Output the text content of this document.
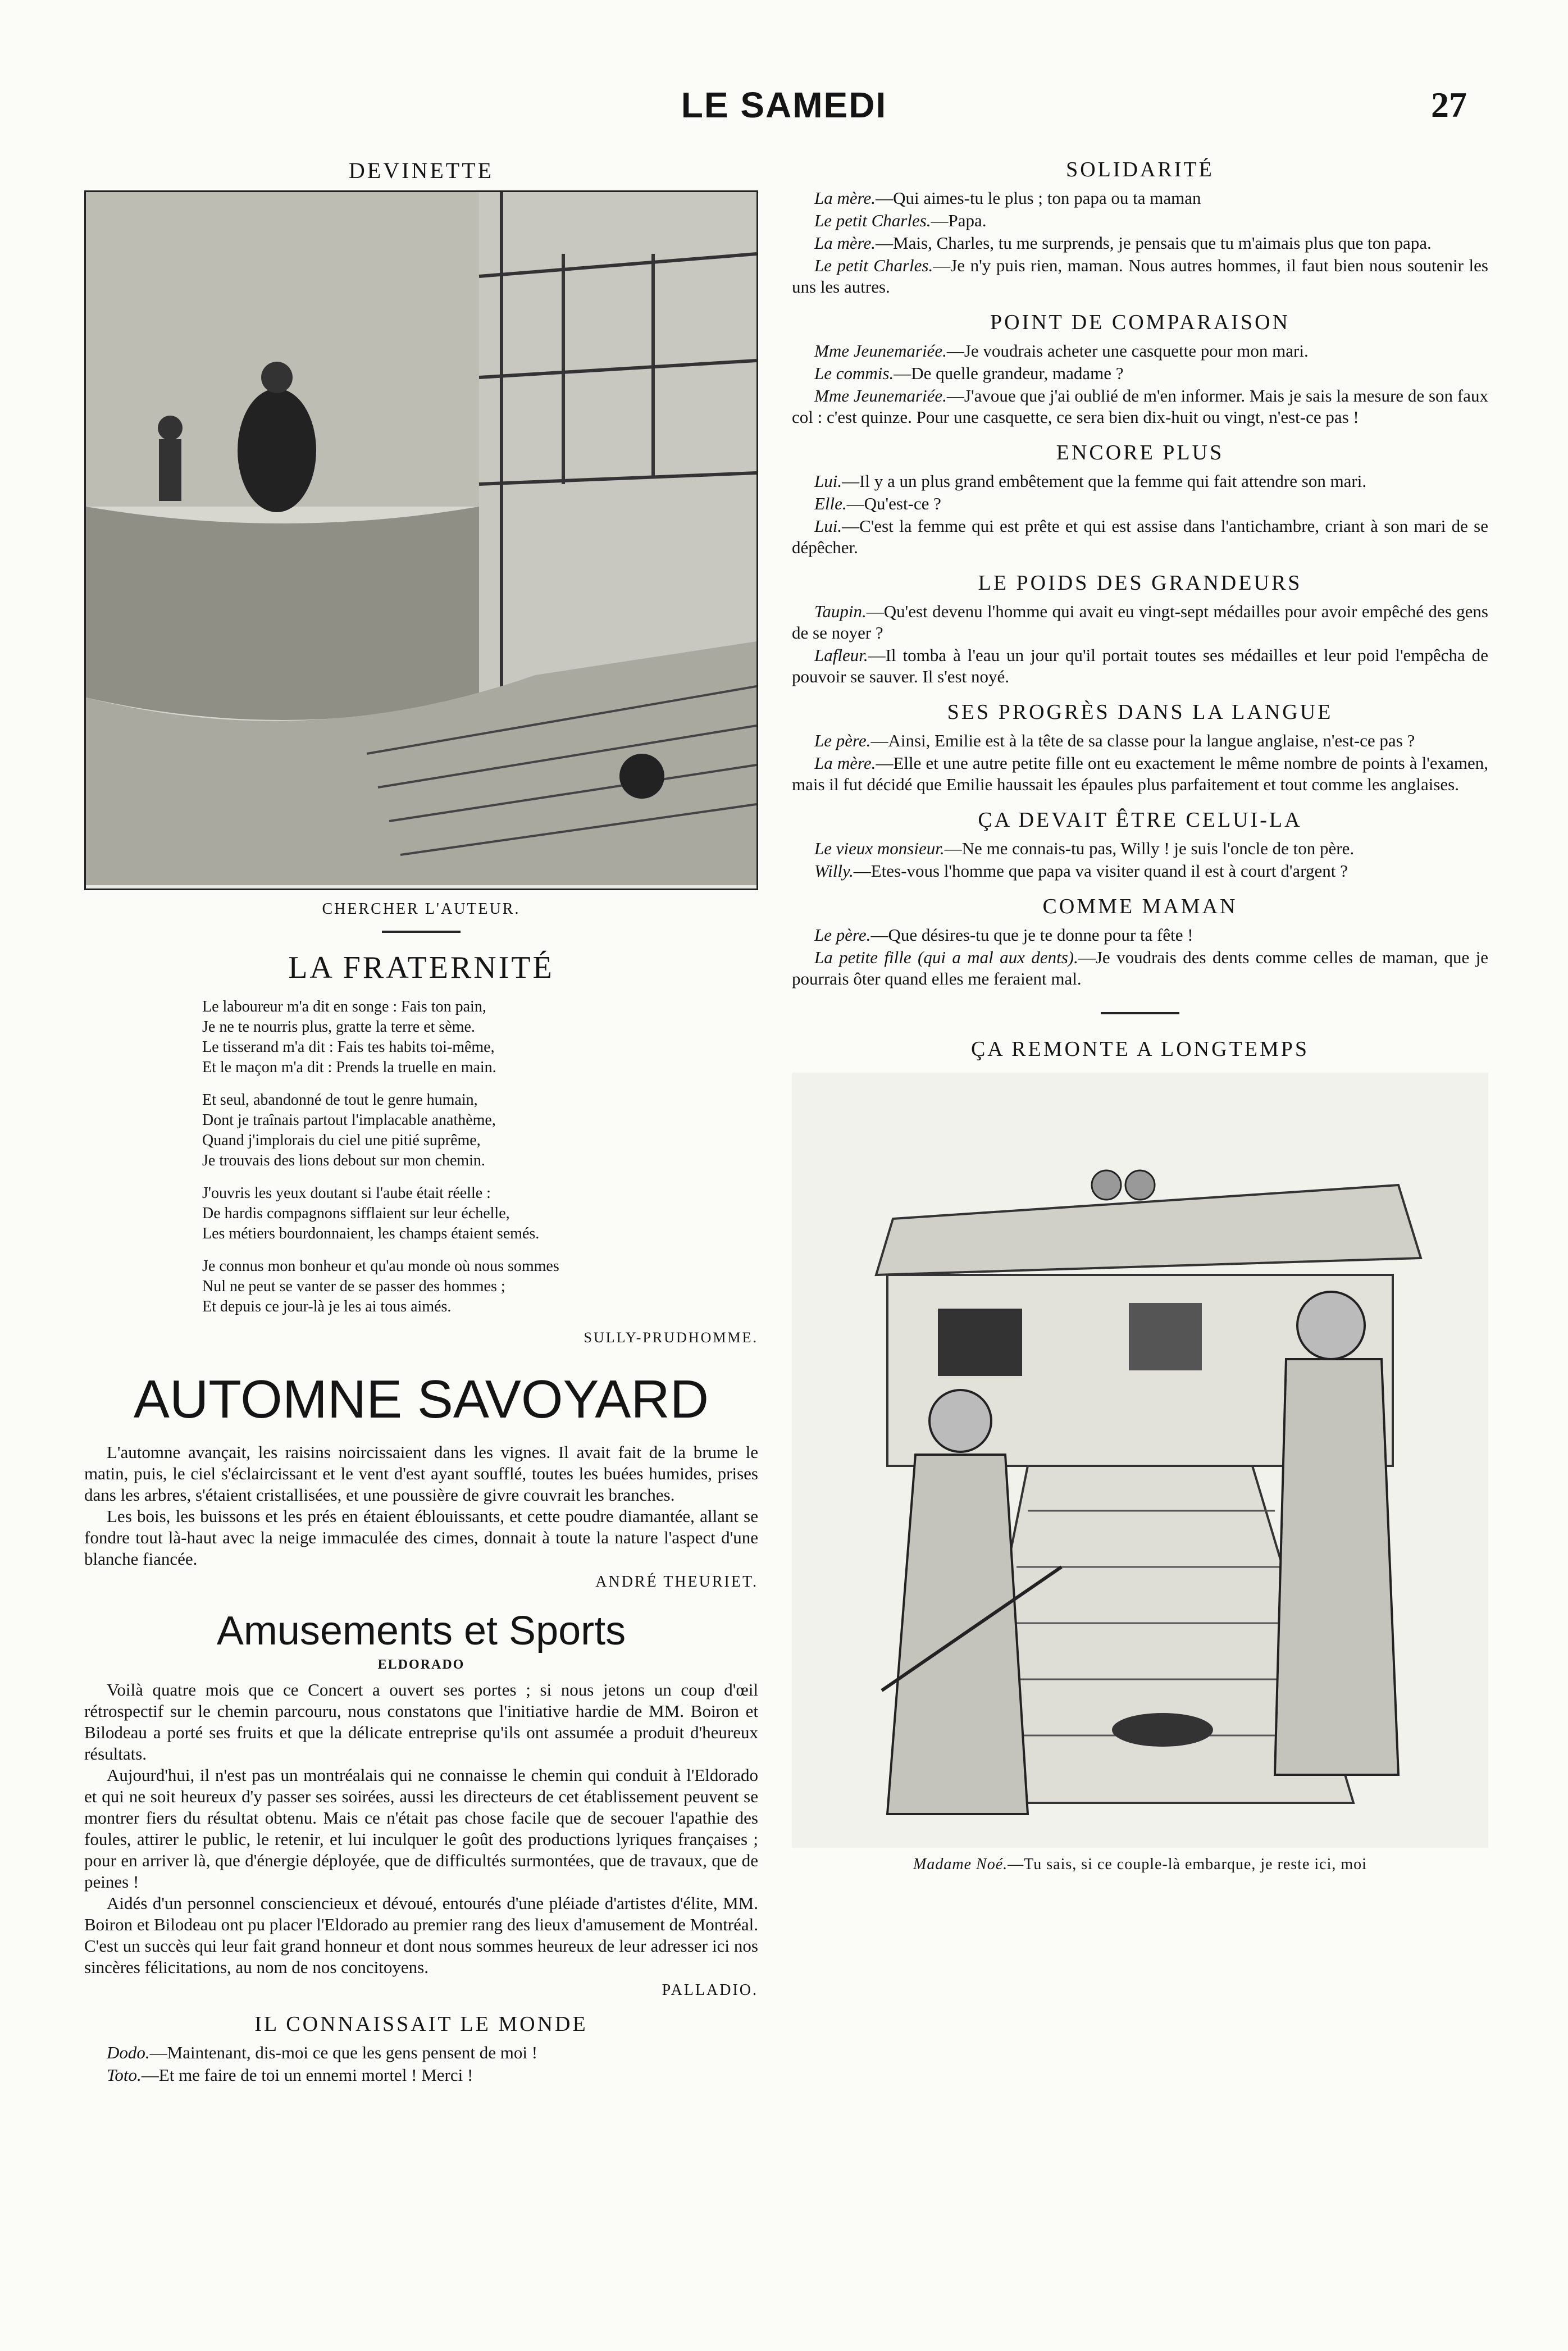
LE SAMEDI	27
DEVINETTE
CHERCHER L'AUTEUR.
LA FRATERNITÉ

Le laboureur m'a dit en songe : Fais ton pain,
Je ne te nourris plus, gratte la terre et sème.
Le tisserand m'a dit : Fais tes habits toi-même,
Et le maçon m'a dit : Prends la truelle en main.

Et seul, abandonné de tout le genre humain,
Dont je traînais partout l'implacable anathème,
Quand j'implorais du ciel une pitié suprême,
Je trouvais des lions debout sur mon chemin.

J'ouvris les yeux doutant si l'aube était réelle :
De hardis compagnons sifflaient sur leur échelle,
Les métiers bourdonnaient, les champs étaient semés.

Je connus mon bonheur et qu'au monde où nous sommes
Nul ne peut se vanter de se passer des hommes ;
Et depuis ce jour-là je les ai tous aimés.

SULLY-PRUDHOMME.
AUTOMNE SAVOYARD

L'automne avançait, les raisins noircissaient dans les vignes. Il avait fait de la brume le matin, puis, le ciel s'éclaircissant et le vent d'est ayant soufflé, toutes les buées humides, prises dans les arbres, s'étaient cristallisées, et une poussière de givre couvrait les branches.

Les bois, les buissons et les prés en étaient éblouissants, et cette poudre diamantée, allant se fondre tout là-haut avec la neige immaculée des cimes, donnait à toute la nature l'aspect d'une blanche fiancée.

ANDRÉ THEURIET.
Amusements et Sports
ELDORADO

Voilà quatre mois que ce Concert a ouvert ses portes ; si nous jetons un coup d'œil rétrospectif sur le chemin parcouru, nous constatons que l'initiative hardie de MM. Boiron et Bilodeau a porté ses fruits et que la délicate entreprise qu'ils ont assumée a produit d'heureux résultats.

Aujourd'hui, il n'est pas un montréalais qui ne connaisse le chemin qui conduit à l'Eldorado et qui ne soit heureux d'y passer ses soirées, aussi les directeurs de cet établissement peuvent se montrer fiers du résultat obtenu. Mais ce n'était pas chose facile que de secouer l'apathie des foules, attirer le public, le retenir, et lui inculquer le goût des productions lyriques françaises ; pour en arriver là, que d'énergie déployée, que de difficultés surmontées, que de travaux, que de peines !

Aidés d'un personnel consciencieux et dévoué, entourés d'une pléiade d'artistes d'élite, MM. Boiron et Bilodeau ont pu placer l'Eldorado au premier rang des lieux d'amusement de Montréal. C'est un succès qui leur fait grand honneur et dont nous sommes heureux de leur adresser ici nos sincères félicitations, au nom de nos concitoyens.

PALLADIO.
IL CONNAISSAIT LE MONDE

Dodo.—Maintenant, dis-moi ce que les gens pensent de moi !

Toto.—Et me faire de toi un ennemi mortel ! Merci !

SOLIDARITÉ

La mère.—Qui aimes-tu le plus ; ton papa ou ta maman

Le petit Charles.—Papa.

La mère.—Mais, Charles, tu me surprends, je pensais que tu m'aimais plus que ton papa.

Le petit Charles.—Je n'y puis rien, maman. Nous autres hommes, il faut bien nous soutenir les uns les autres.

POINT DE COMPARAISON

Mme Jeunemariée.—Je voudrais acheter une casquette pour mon mari.

Le commis.—De quelle grandeur, madame ?

Mme Jeunemariée.—J'avoue que j'ai oublié de m'en informer. Mais je sais la mesure de son faux col : c'est quinze. Pour une casquette, ce sera bien dix-huit ou vingt, n'est-ce pas !

ENCORE PLUS

Lui.—Il y a un plus grand embêtement que la femme qui fait attendre son mari.

Elle.—Qu'est-ce ?

Lui.—C'est la femme qui est prête et qui est assise dans l'antichambre, criant à son mari de se dépêcher.

LE POIDS DES GRANDEURS

Taupin.—Qu'est devenu l'homme qui avait eu vingt-sept médailles pour avoir empêché des gens de se noyer ?

Lafleur.—Il tomba à l'eau un jour qu'il portait toutes ses médailles et leur poid l'empêcha de pouvoir se sauver. Il s'est noyé.

SES PROGRÈS DANS LA LANGUE

Le père.—Ainsi, Emilie est à la tête de sa classe pour la langue anglaise, n'est-ce pas ?

La mère.—Elle et une autre petite fille ont eu exactement le même nombre de points à l'examen, mais il fut décidé que Emilie haussait les épaules plus parfaitement et tout comme les anglaises.

ÇA DEVAIT ÊTRE CELUI-LA

Le vieux monsieur.—Ne me connais-tu pas, Willy ! je suis l'oncle de ton père.

Willy.—Etes-vous l'homme que papa va visiter quand il est à court d'argent ?

COMME MAMAN

Le père.—Que désires-tu que je te donne pour ta fête !

La petite fille (qui a mal aux dents).—Je voudrais des dents comme celles de maman, que je pourrais ôter quand elles me feraient mal.

ÇA REMONTE A LONGTEMPS
Madame Noé.—Tu sais, si ce couple-là embarque, je reste ici, moi
